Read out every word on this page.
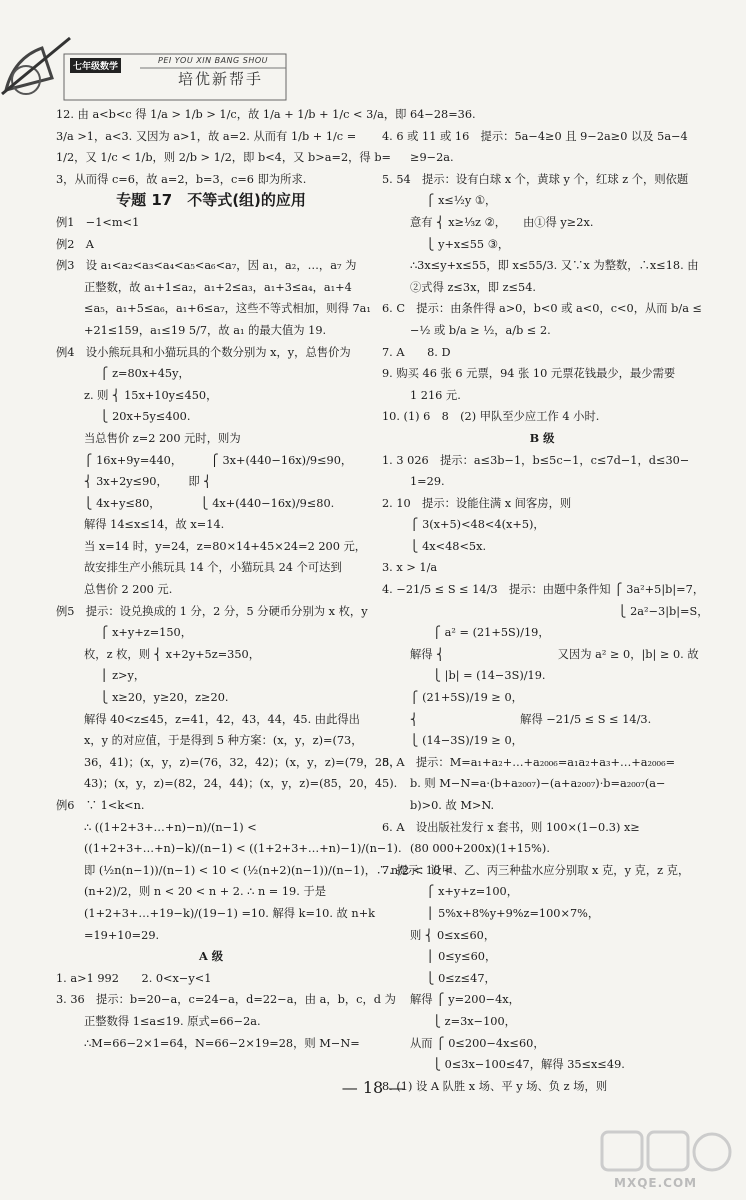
七年级数学
PEI YOU XIN BANG SHOU
培优新帮手

12. 由 a<b<c 得 1/a > 1/b > 1/c，故 1/a + 1/b + 1/c < 3/a，即

3/a >1，a<3. 又因为 a>1，故 a=2. 从而有 1/b + 1/c =

1/2，又 1/c < 1/b，则 2/b > 1/2，即 b<4，又 b>a=2，得 b=

3，从而得 c=6，故 a=2，b=3，c=6 即为所求.

专题 17　不等式(组)的应用

例1　−1<m<1

例2　A

例3　设 a₁<a₂<a₃<a₄<a₅<a₆<a₇，因 a₁，a₂，…，a₇ 为

正整数，故 a₁+1≤a₂，a₁+2≤a₃，a₁+3≤a₄，a₁+4

≤a₅，a₁+5≤a₆，a₁+6≤a₇，这些不等式相加，则得 7a₁

+21≤159，a₁≤19 5/7，故 a₁ 的最大值为 19.

例4　设小熊玩具和小猫玩具的个数分别为 x，y，总售价为

⎧ z=80x+45y，

z. 则 ⎨ 15x+10y≤450，

⎩ 20x+5y≤400.

当总售价 z=2 200 元时，则为

⎧ 16x+9y=440，　　　⎧ 3x+(440−16x)/9≤90，

⎨ 3x+2y≤90，　　 即 ⎨

⎩ 4x+y≤80，　　　　⎩ 4x+(440−16x)/9≤80.

解得 14≤x≤14，故 x=14.

当 x=14 时，y=24，z=80×14+45×24=2 200 元，

故安排生产小熊玩具 14 个，小猫玩具 24 个可达到

总售价 2 200 元.

例5　提示：设兑换成的 1 分，2 分，5 分硬币分别为 x 枚，y

⎧ x+y+z=150，

枚，z 枚，则 ⎨ x+2y+5z=350，

⎪ z>y，

⎩ x≥20，y≥20，z≥20.

解得 40<z≤45，z=41，42，43，44，45. 由此得出

x，y 的对应值，于是得到 5 种方案：(x，y，z)=(73，

36，41)；(x，y，z)=(76，32，42)；(x，y，z)=(79，28，

43)；(x，y，z)=(82，24，44)；(x，y，z)=(85，20，45).

例6　∵ 1<k<n.

∴ ((1+2+3+…+n)−n)/(n−1) <

((1+2+3+…+n)−k)/(n−1) < ((1+2+3+…+n)−1)/(n−1).

即 (½n(n−1))/(n−1) < 10 < (½(n+2)(n−1))/(n−1)，∴ n/2 < 10 <

(n+2)/2，则 n < 20 < n + 2. ∴ n = 19. 于是

(1+2+3+…+19−k)/(19−1) =10. 解得 k=10. 故 n+k

=19+10=29.

A 级

1. a>1 992　　2. 0<x−y<1

3. 36　提示：b=20−a，c=24−a，d=22−a，由 a，b，c，d 为

正整数得 1≤a≤19. 原式=66−2a.

∴M=66−2×1=64，N=66−2×19=28，则 M−N=

64−28=36.

4. 6 或 11 或 16　提示：5a−4≥0 且 9−2a≥0 以及 5a−4

≥9−2a.

5. 54　提示：设有白球 x 个，黄球 y 个，红球 z 个，则依题

⎧ x≤½y ①，

意有 ⎨ x≥⅓z ②，　　由①得 y≥2x.

⎩ y+x≤55 ③，

∴3x≤y+x≤55，即 x≤55/3. 又∵x 为整数，∴x≤18. 由

②式得 z≤3x，即 z≤54.

6. C　提示：由条件得 a>0，b<0 或 a<0，c<0，从而 b/a ≤

−½ 或 b/a ≥ ½，a/b ≤ 2.

7. A　　8. D

9. 购买 46 张 6 元票，94 张 10 元票花钱最少，最少需要

1 216 元.

10. (1) 6　8　(2) 甲队至少应工作 4 小时.

B 级

1. 3 026　提示：a≤3b−1，b≤5c−1，c≤7d−1，d≤30−

1=29.

2. 10　提示：设能住满 x 间客房，则

⎧ 3(x+5)<48<4(x+5)，

⎩ 4x<48<5x.

3. x > 1/a

4. −21/5 ≤ S ≤ 14/3　提示：由题中条件知 ⎧ 3a²+5|b|=7，

　　　　　　　　　　　　　　　　　⎩ 2a²−3|b|=S，

　　⎧ a² = (21+5S)/19，

解得 ⎨　　　　　　　　　　又因为 a² ≥ 0，|b| ≥ 0. 故

　　⎩ |b| = (14−3S)/19.

⎧ (21+5S)/19 ≥ 0，

⎨　　　　　　　　　解得 −21/5 ≤ S ≤ 14/3.

⎩ (14−3S)/19 ≥ 0，

5. A　提示：M=a₁+a₂+…+a₂₀₀₆=a₁a₂+a₃+…+a₂₀₀₆=

b. 则 M−N=a·(b+a₂₀₀₇)−(a+a₂₀₀₇)·b=a₂₀₀₇(a−

b)>0. 故 M>N.

6. A　设出版社发行 x 套书，则 100×(1−0.3) x≥

(80 000+200x)(1+15%).

7. 提示：设甲、乙、丙三种盐水应分别取 x 克，y 克，z 克，

⎧ x+y+z=100，

⎪ 5%x+8%y+9%z=100×7%，

则 ⎨ 0≤x≤60，

⎪ 0≤y≤60，

⎩ 0≤z≤47，

解得 ⎧ y=200−4x，

　　⎩ z=3x−100，

从而 ⎧ 0≤200−4x≤60，

　　⎩ 0≤3x−100≤47，解得 35≤x≤49.

8. (1) 设 A 队胜 x 场、平 y 场、负 z 场，则

— 18 —
MXQE.COM
